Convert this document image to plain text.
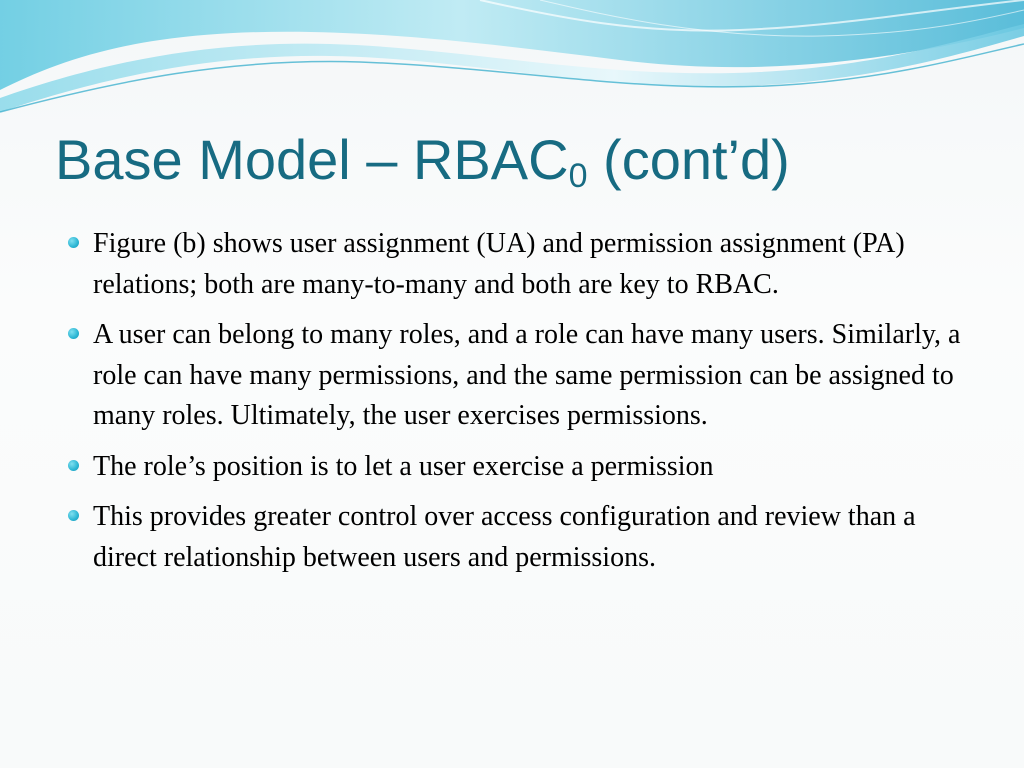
Base Model – $RBAC_0$ (cont’d)
Figure (b) shows user assignment (UA) and permission assignment (PA) relations; both are many-to-many and both are key to RBAC.
A user can belong to many roles, and a role can have many users. Similarly, a role can have many permissions, and the same permission can be assigned to many roles. Ultimately, the user exercises permissions.
The role’s position is to let a user exercise a permission
This provides greater control over access configuration and review than a direct relationship between users and permissions.
